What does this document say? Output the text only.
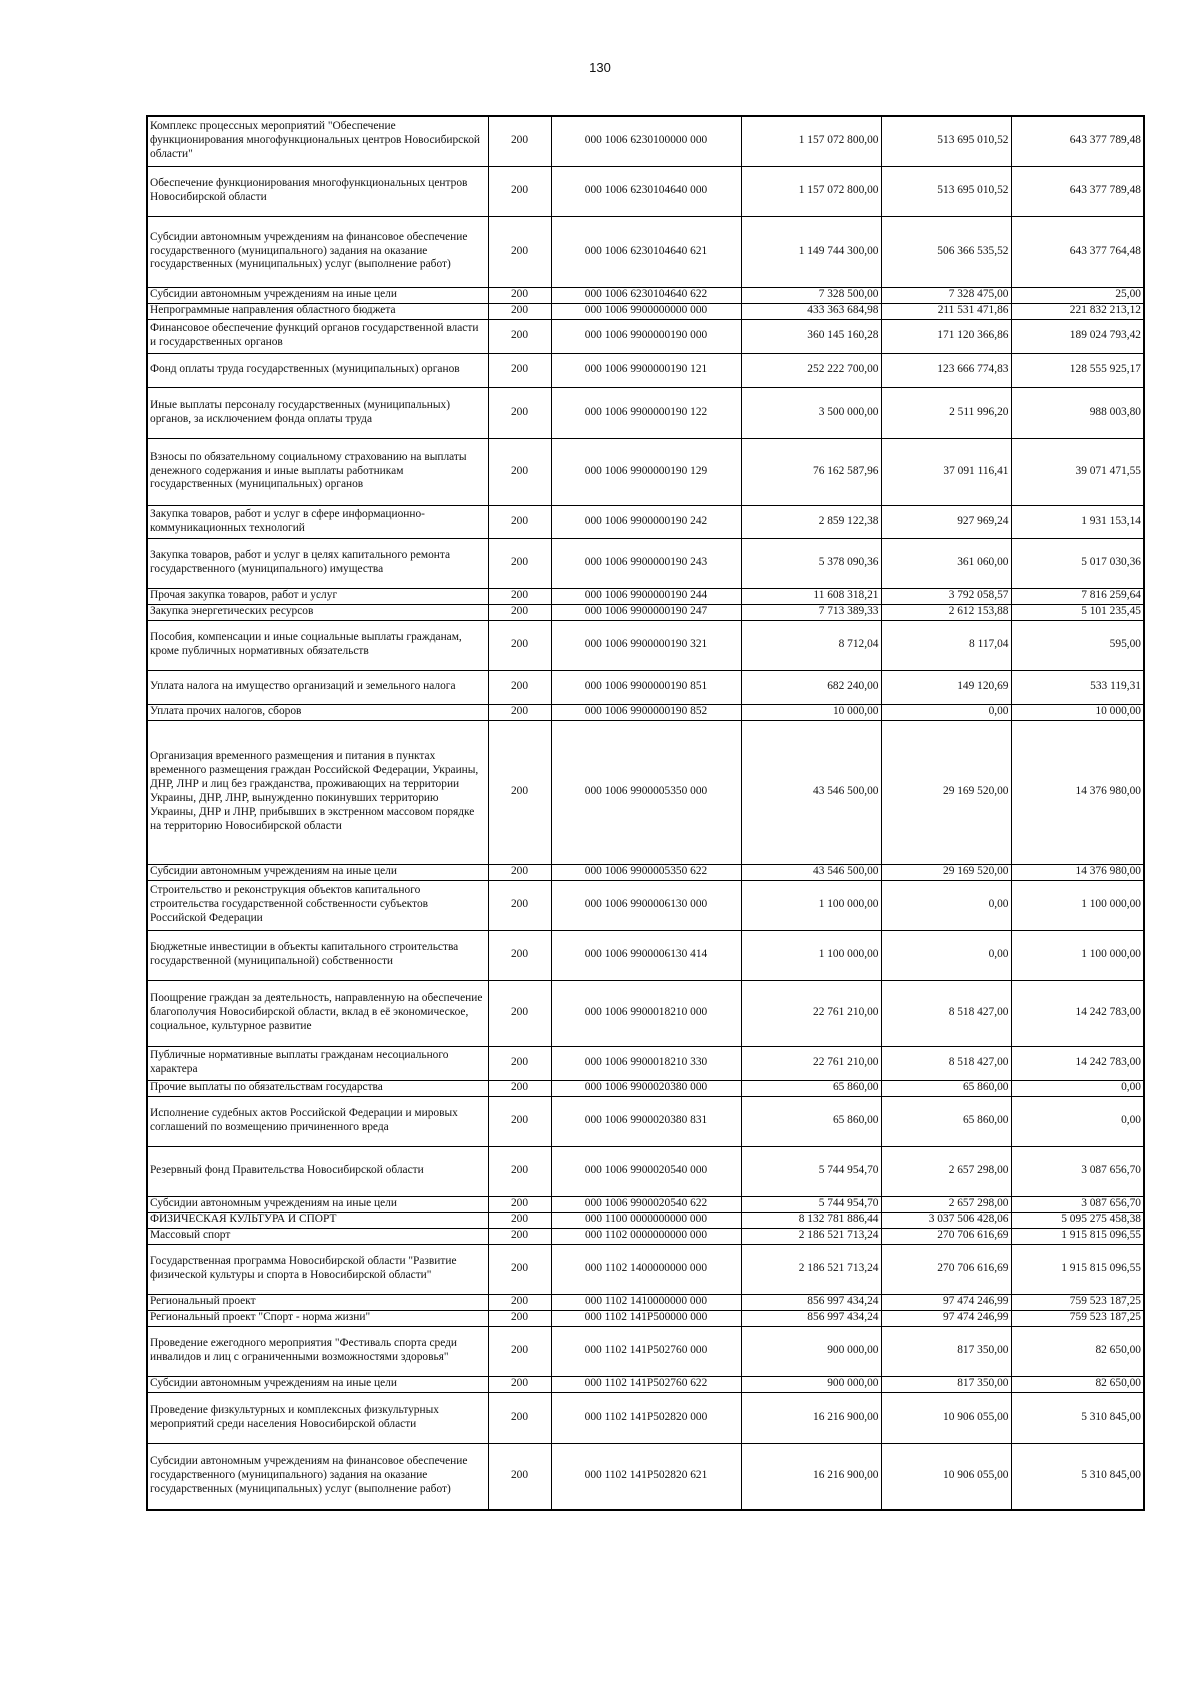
130
Комплекс процессных мероприятий "Обеспечение функционирования многофункциональных центров Новосибирской области"	200	000 1006 6230100000 000	1 157 072 800,00	513 695 010,52	643 377 789,48
Обеспечение функционирования многофункциональных центров Новосибирской области	200	000 1006 6230104640 000	1 157 072 800,00	513 695 010,52	643 377 789,48
Субсидии автономным учреждениям на финансовое обеспечение государственного (муниципального) задания на оказание государственных (муниципальных) услуг (выполнение работ)	200	000 1006 6230104640 621	1 149 744 300,00	506 366 535,52	643 377 764,48
Субсидии автономным учреждениям на иные цели	200	000 1006 6230104640 622	7 328 500,00	7 328 475,00	25,00
Непрограммные направления областного бюджета	200	000 1006 9900000000 000	433 363 684,98	211 531 471,86	221 832 213,12
Финансовое обеспечение функций органов государственной власти и государственных органов	200	000 1006 9900000190 000	360 145 160,28	171 120 366,86	189 024 793,42
Фонд оплаты труда государственных (муниципальных) органов	200	000 1006 9900000190 121	252 222 700,00	123 666 774,83	128 555 925,17
Иные выплаты персоналу государственных (муниципальных) органов, за исключением фонда оплаты труда	200	000 1006 9900000190 122	3 500 000,00	2 511 996,20	988 003,80
Взносы по обязательному социальному страхованию на выплаты денежного содержания и иные выплаты работникам государственных (муниципальных) органов	200	000 1006 9900000190 129	76 162 587,96	37 091 116,41	39 071 471,55
Закупка товаров, работ и услуг в сфере информационно-коммуникационных технологий	200	000 1006 9900000190 242	2 859 122,38	927 969,24	1 931 153,14
Закупка товаров, работ и услуг в целях капитального ремонта государственного (муниципального) имущества	200	000 1006 9900000190 243	5 378 090,36	361 060,00	5 017 030,36
Прочая закупка товаров, работ и услуг	200	000 1006 9900000190 244	11 608 318,21	3 792 058,57	7 816 259,64
Закупка энергетических ресурсов	200	000 1006 9900000190 247	7 713 389,33	2 612 153,88	5 101 235,45
Пособия, компенсации и иные социальные выплаты гражданам, кроме публичных нормативных обязательств	200	000 1006 9900000190 321	8 712,04	8 117,04	595,00
Уплата налога на имущество организаций и земельного налога	200	000 1006 9900000190 851	682 240,00	149 120,69	533 119,31
Уплата прочих налогов, сборов	200	000 1006 9900000190 852	10 000,00	0,00	10 000,00
Организация временного размещения и питания в пунктах временного размещения граждан Российской Федерации, Украины, ДНР, ЛНР и лиц без гражданства, проживающих на территории Украины, ДНР, ЛНР, вынужденно покинувших территорию Украины, ДНР и ЛНР, прибывших в экстренном массовом порядке на территорию Новосибирской области	200	000 1006 9900005350 000	43 546 500,00	29 169 520,00	14 376 980,00
Субсидии автономным учреждениям на иные цели	200	000 1006 9900005350 622	43 546 500,00	29 169 520,00	14 376 980,00
Строительство и реконструкция объектов капитального строительства государственной собственности субъектов Российской Федерации	200	000 1006 9900006130 000	1 100 000,00	0,00	1 100 000,00
Бюджетные инвестиции в объекты капитального строительства государственной (муниципальной) собственности	200	000 1006 9900006130 414	1 100 000,00	0,00	1 100 000,00
Поощрение граждан за деятельность, направленную на обеспечение благополучия Новосибирской области, вклад в её экономическое, социальное, культурное развитие	200	000 1006 9900018210 000	22 761 210,00	8 518 427,00	14 242 783,00
Публичные нормативные выплаты гражданам несоциального характера	200	000 1006 9900018210 330	22 761 210,00	8 518 427,00	14 242 783,00
Прочие выплаты по обязательствам государства	200	000 1006 9900020380 000	65 860,00	65 860,00	0,00
Исполнение судебных актов Российской Федерации и мировых соглашений по возмещению причиненного вреда	200	000 1006 9900020380 831	65 860,00	65 860,00	0,00
Резервный фонд Правительства Новосибирской области	200	000 1006 9900020540 000	5 744 954,70	2 657 298,00	3 087 656,70
Субсидии автономным учреждениям на иные цели	200	000 1006 9900020540 622	5 744 954,70	2 657 298,00	3 087 656,70
ФИЗИЧЕСКАЯ КУЛЬТУРА И СПОРТ	200	000 1100 0000000000 000	8 132 781 886,44	3 037 506 428,06	5 095 275 458,38
Массовый спорт	200	000 1102 0000000000 000	2 186 521 713,24	270 706 616,69	1 915 815 096,55
Государственная программа Новосибирской области "Развитие физической культуры и спорта в Новосибирской области"	200	000 1102 1400000000 000	2 186 521 713,24	270 706 616,69	1 915 815 096,55
Региональный проект	200	000 1102 1410000000 000	856 997 434,24	97 474 246,99	759 523 187,25
Региональный проект "Спорт - норма жизни"	200	000 1102 141P500000 000	856 997 434,24	97 474 246,99	759 523 187,25
Проведение ежегодного мероприятия "Фестиваль спорта среди инвалидов и лиц с ограниченными возможностями здоровья"	200	000 1102 141P502760 000	900 000,00	817 350,00	82 650,00
Субсидии автономным учреждениям на иные цели	200	000 1102 141P502760 622	900 000,00	817 350,00	82 650,00
Проведение физкультурных и комплексных физкультурных мероприятий среди населения Новосибирской области	200	000 1102 141P502820 000	16 216 900,00	10 906 055,00	5 310 845,00
Субсидии автономным учреждениям на финансовое обеспечение государственного (муниципального) задания на оказание государственных (муниципальных) услуг (выполнение работ)	200	000 1102 141P502820 621	16 216 900,00	10 906 055,00	5 310 845,00
